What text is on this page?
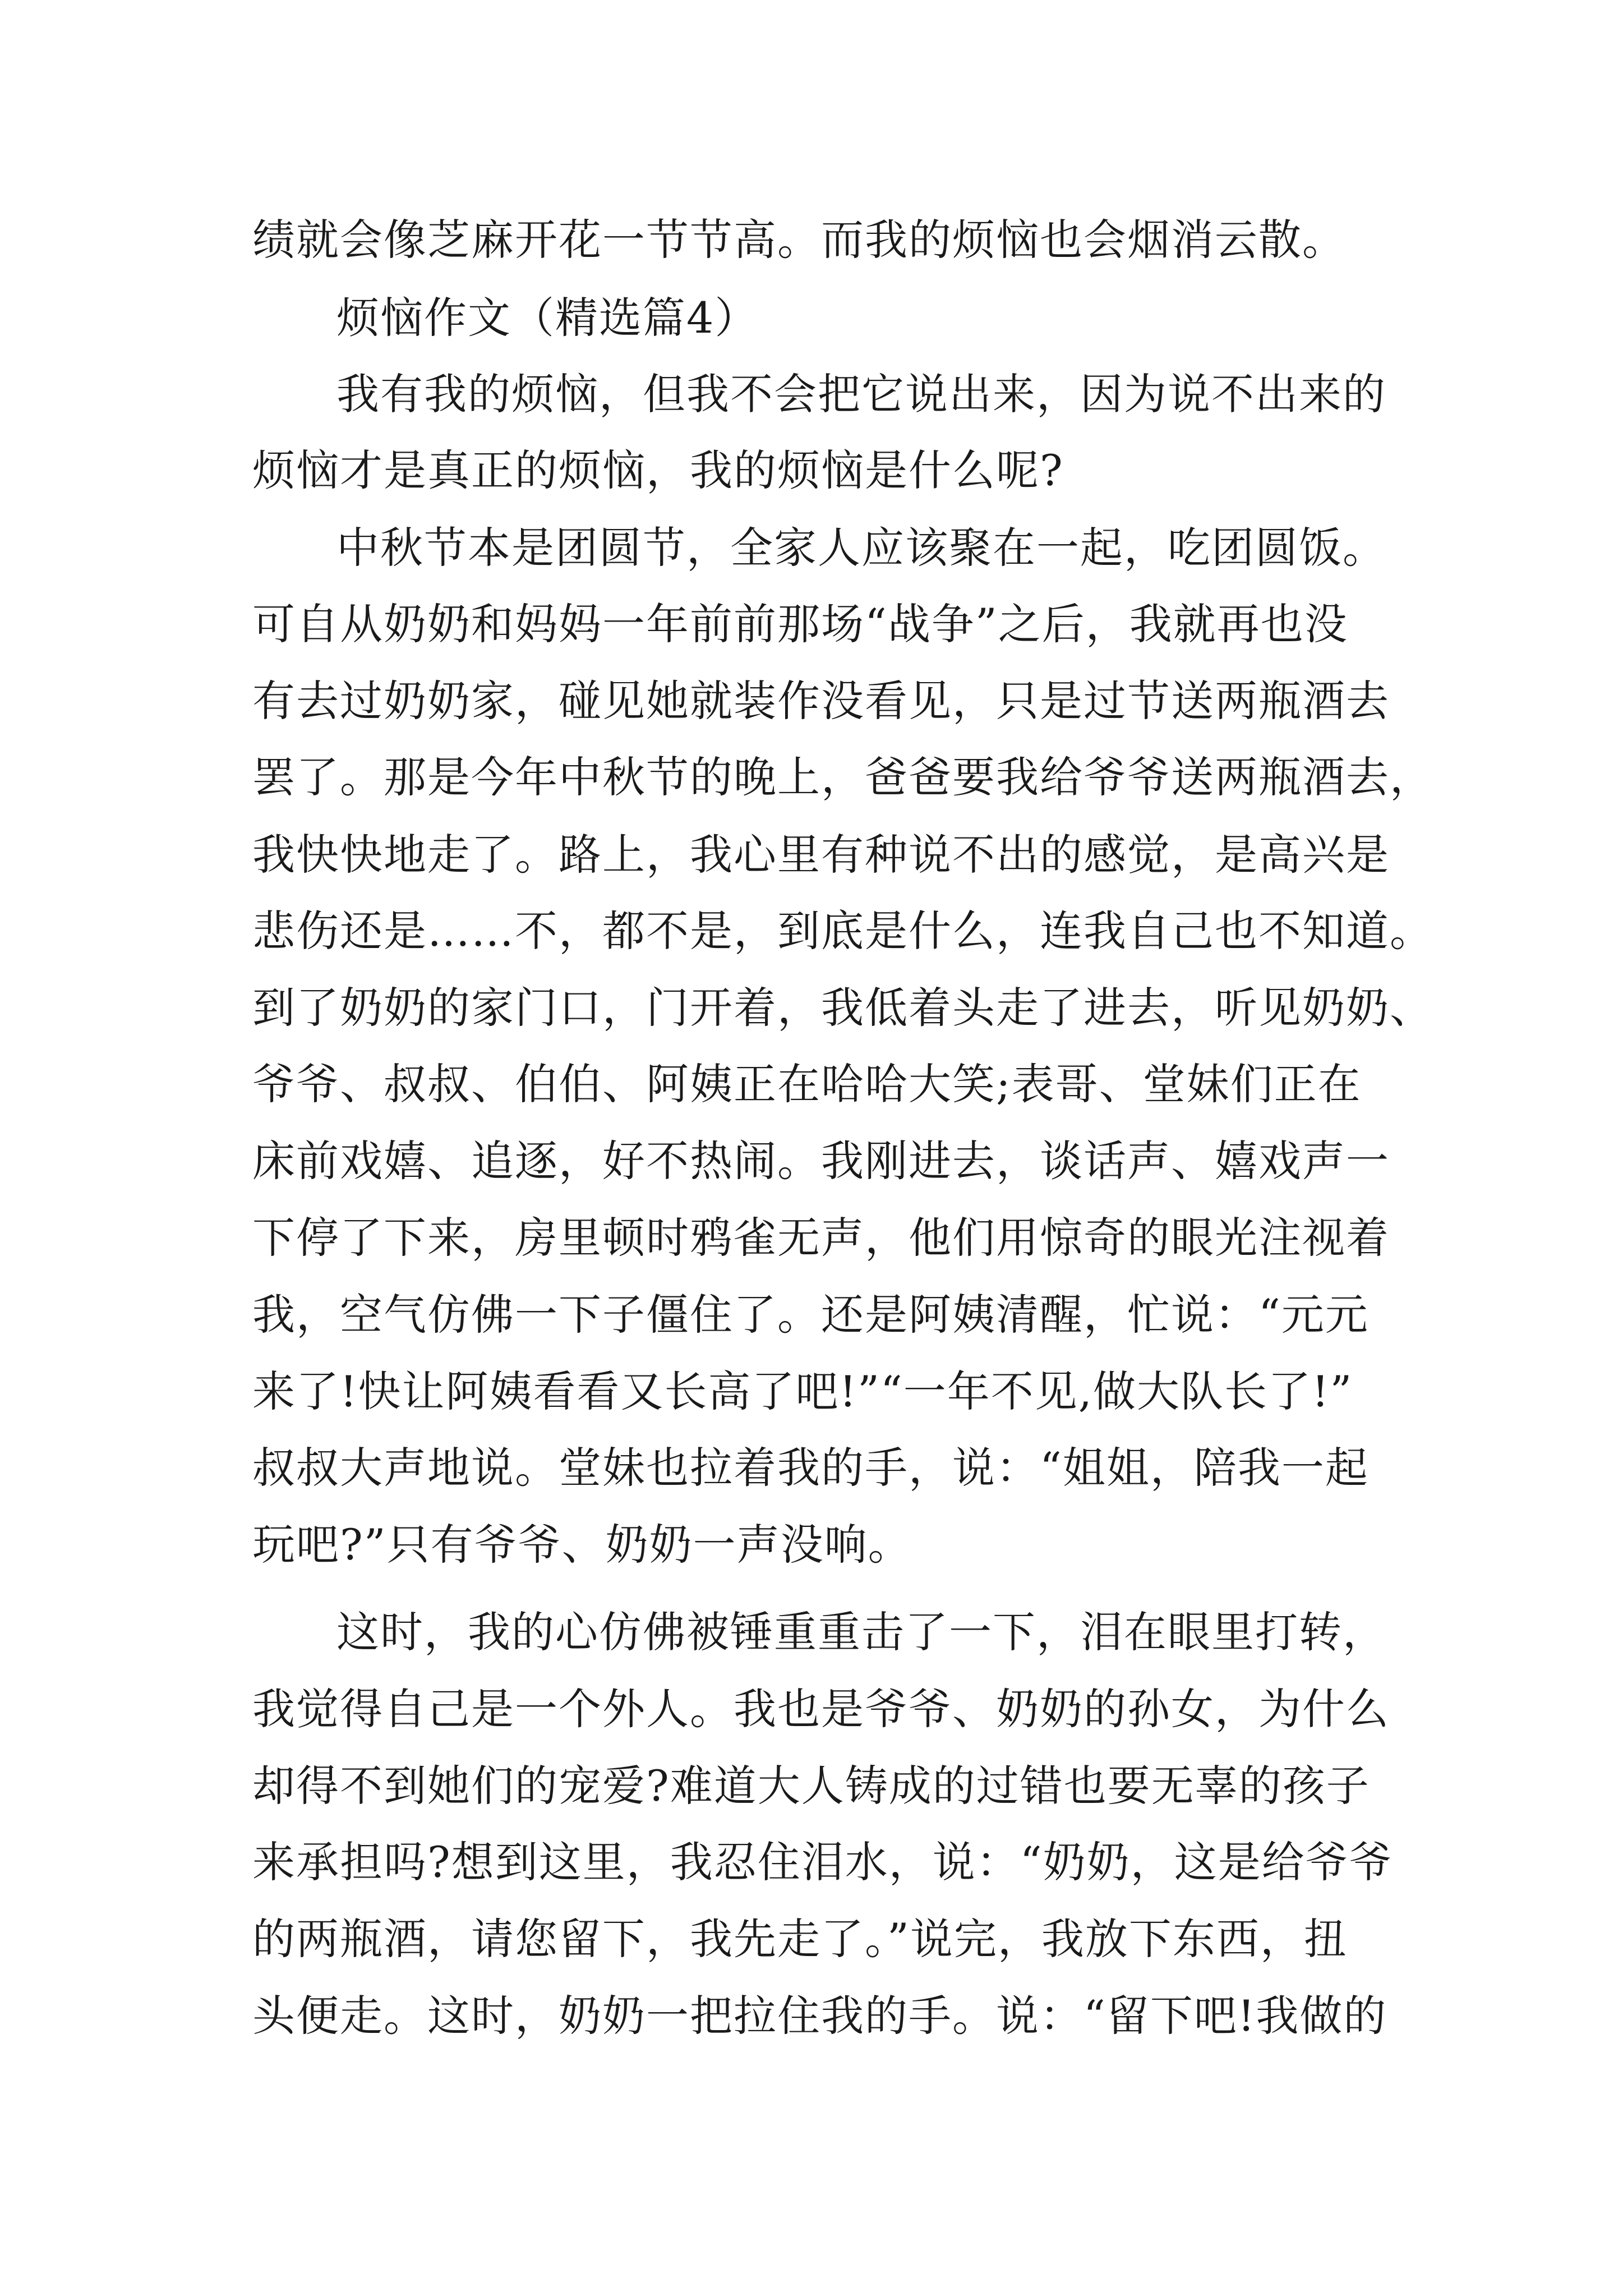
绩就会像芝麻开花一节节高。而我的烦恼也会烟消云散。
烦恼作文（精选篇4）
我有我的烦恼，但我不会把它说出来，因为说不出来的
烦恼才是真正的烦恼，我的烦恼是什么呢?
中秋节本是团圆节，全家人应该聚在一起，吃团圆饭。
可自从奶奶和妈妈一年前前那场“战争”之后，我就再也没
有去过奶奶家，碰见她就装作没看见，只是过节送两瓶酒去
罢了。那是今年中秋节的晚上，爸爸要我给爷爷送两瓶酒去，
我快快地走了。路上，我心里有种说不出的感觉，是高兴是
悲伤还是……不，都不是，到底是什么，连我自己也不知道。
到了奶奶的家门口，门开着，我低着头走了进去，听见奶奶、
爷爷、叔叔、伯伯、阿姨正在哈哈大笑;表哥、堂妹们正在
床前戏嬉、追逐，好不热闹。我刚进去，谈话声、嬉戏声一
下停了下来，房里顿时鸦雀无声，他们用惊奇的眼光注视着
我，空气仿佛一下子僵住了。还是阿姨清醒，忙说：“元元
来了!快让阿姨看看又长高了吧!”“一年不见,做大队长了!”
叔叔大声地说。堂妹也拉着我的手，说：“姐姐，陪我一起
玩吧?”只有爷爷、奶奶一声没响。
这时，我的心仿佛被锤重重击了一下，泪在眼里打转，
我觉得自己是一个外人。我也是爷爷、奶奶的孙女，为什么
却得不到她们的宠爱?难道大人铸成的过错也要无辜的孩子
来承担吗?想到这里，我忍住泪水，说：“奶奶，这是给爷爷
的两瓶酒，请您留下，我先走了。”说完，我放下东西，扭
头便走。这时，奶奶一把拉住我的手。说：“留下吧!我做的
